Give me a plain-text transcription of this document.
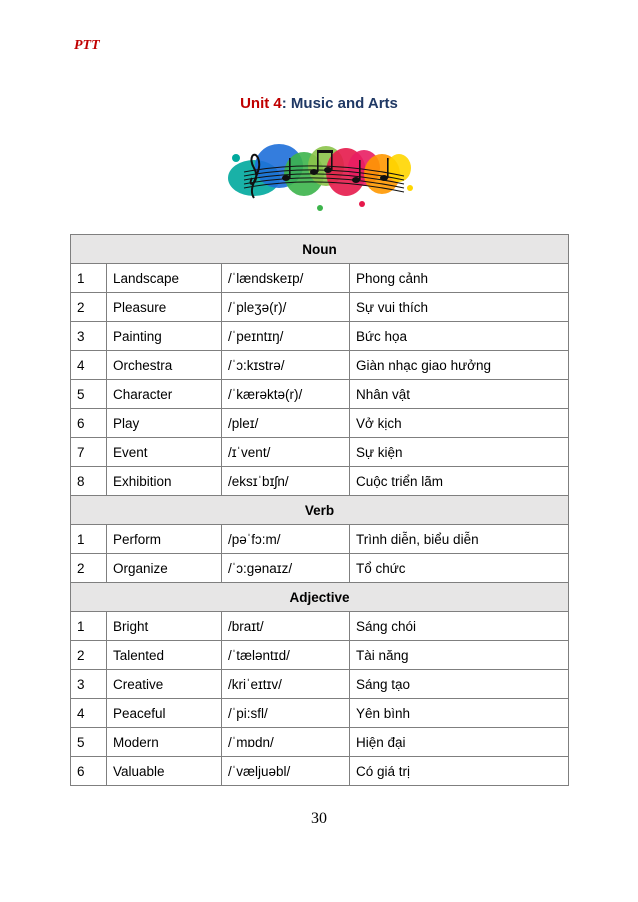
PTT
Unit 4: Music and Arts
Noun			
1	Landscape	/ˈlændskeɪp/	Phong cảnh
2	Pleasure	/ˈpleʒə(r)/	Sự vui thích
3	Painting	/ˈpeɪntɪŋ/	Bức họa
4	Orchestra	/ˈɔ:kɪstrə/	Giàn nhạc giao hưởng
5	Character	/ˈkærəktə(r)/	Nhân vật
6	Play	/pleɪ/	Vở kịch
7	Event	/ɪˈvent/	Sự kiện
8	Exhibition	/eksɪˈbɪʃn/	Cuộc triển lãm
Verb			
1	Perform	/pəˈfɔ:m/	Trình diễn, biểu diễn
2	Organize	/ˈɔ:gənaɪz/	Tổ chức
Adjective			
1	Bright	/braɪt/	Sáng chói
2	Talented	/ˈtæləntɪd/	Tài năng
3	Creative	/kriˈeɪtɪv/	Sáng tạo
4	Peaceful	/ˈpi:sfl/	Yên bình
5	Modern	/ˈmɒdn/	Hiện đại
6	Valuable	/ˈvæljuəbl/	Có giá trị
30
